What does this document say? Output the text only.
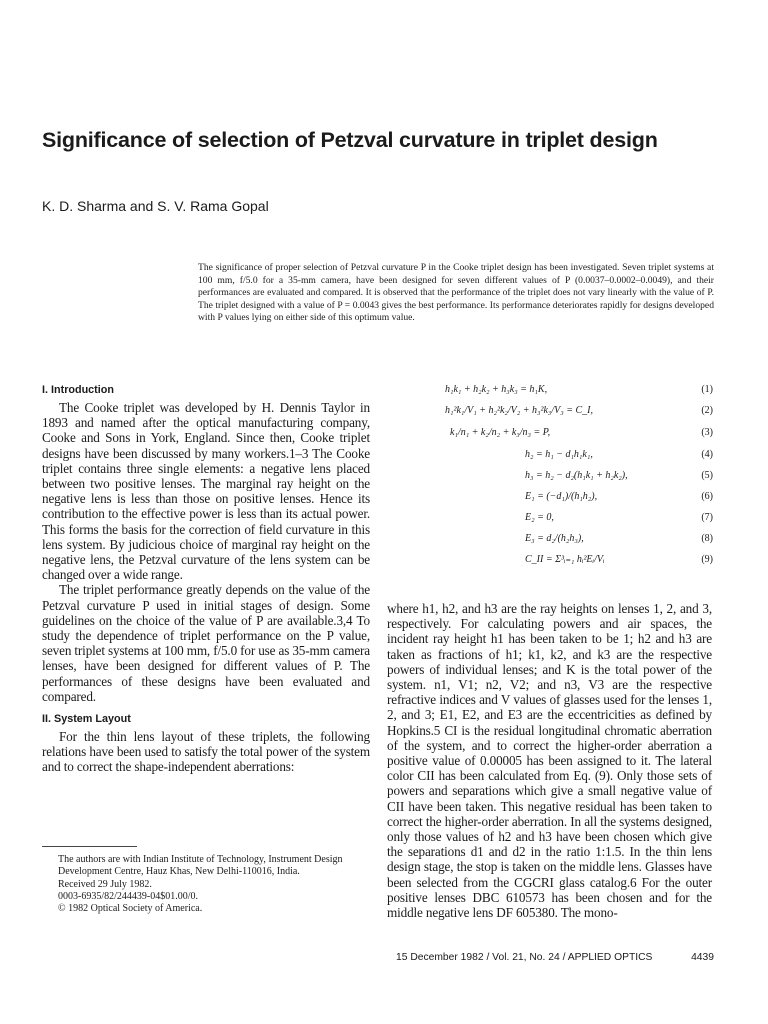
Significance of selection of Petzval curvature in triplet design
K. D. Sharma and S. V. Rama Gopal

The significance of proper selection of Petzval curvature P in the Cooke triplet design has been investigated. Seven triplet systems at 100 mm, f/5.0 for a 35-mm camera, have been designed for seven different values of P (0.0037–0.0002–0.0049), and their performances are evaluated and compared. It is observed that the performance of the triplet does not vary linearly with the value of P. The triplet designed with a value of P = 0.0043 gives the best performance. Its performance deteriorates rapidly for designs developed with P values lying on either side of this optimum value.

I. Introduction

The Cooke triplet was developed by H. Dennis Taylor in 1893 and named after the optical manufacturing company, Cooke and Sons in York, England. Since then, Cooke triplet designs have been discussed by many workers.1–3 The Cooke triplet contains three single elements: a negative lens placed between two positive lenses. The marginal ray height on the negative lens is less than those on positive lenses. Hence its contribution to the effective power is less than its actual power. This forms the basis for the correction of field curvature in this lens system. By judicious choice of marginal ray height on the negative lens, the Petzval curvature of the lens system can be changed over a wide range.

The triplet performance greatly depends on the value of the Petzval curvature P used in initial stages of design. Some guidelines on the choice of the value of P are available.3,4 To study the dependence of triplet performance on the P value, seven triplet systems at 100 mm, f/5.0 for use as 35-mm camera lenses, have been designed for different values of P. The performances of these designs have been evaluated and compared.

II. System Layout

For the thin lens layout of these triplets, the following relations have been used to satisfy the total power of the system and to correct the shape-independent aberrations:

h₁k₁ + h₂k₂ + h₃k₃ = h₁K,	(1)
h₁²k₁/V₁ + h₂²k₂/V₂ + h₃²k₃/V₃ = C_I,	(2)
k₁/n₁ + k₂/n₂ + k₃/n₃ = P,	(3)
h₂ = h₁ − d₁h₁k₁,	(4)
h₃ = h₂ − d₂(h₁k₁ + h₂k₂),	(5)
E₁ = (−d₁)/(h₁h₂),	(6)
E₂ = 0,	(7)
E₃ = d₂/(h₂h₃),	(8)
C_II = Σ³ᵢ₌₁ hᵢ²Eᵢ/Vᵢ	(9)

where h1, h2, and h3 are the ray heights on lenses 1, 2, and 3, respectively. For calculating powers and air spaces, the incident ray height h1 has been taken to be 1; h2 and h3 are taken as fractions of h1; k1, k2, and k3 are the respective powers of individual lenses; and K is the total power of the system. n1, V1; n2, V2; and n3, V3 are the respective refractive indices and V values of glasses used for the lenses 1, 2, and 3; E1, E2, and E3 are the eccentricities as defined by Hopkins.5 CI is the residual longitudinal chromatic aberration of the system, and to correct the higher-order aberration a positive value of 0.00005 has been assigned to it. The lateral color CII has been calculated from Eq. (9). Only those sets of powers and separations which give a small negative value of CII have been taken. This negative residual has been taken to correct the higher-order aberration. In all the systems designed, only those values of h2 and h3 have been chosen which give the separations d1 and d2 in the ratio 1:1.5. In the thin lens design stage, the stop is taken on the middle lens. Glasses have been selected from the CGCRI glass catalog.6 For the outer positive lenses DBC 610573 has been chosen and for the middle negative lens DF 605380. The mono-

The authors are with Indian Institute of Technology, Instrument Design Development Centre, Hauz Khas, New Delhi-110016, India.
Received 29 July 1982.
0003-6935/82/244439-04$01.00/0.
© 1982 Optical Society of America.
15 December 1982 / Vol. 21, No. 24 / APPLIED OPTICS	4439
